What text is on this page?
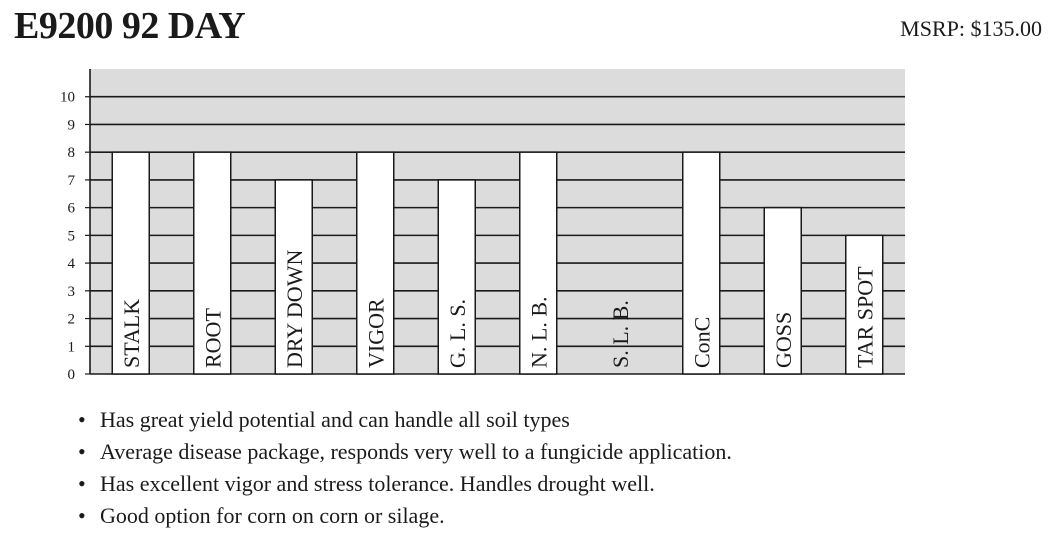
E9200 92 DAY	MSRP: $135.00
0
1
2
3
4
5
6
7
8
9
10
STALK	ROOT	DRY DOWN	VIGOR	G. L. S.	N. L. B.	S. L. B.	ConC	GOSS	TAR SPOT
• Has great yield potential and can handle all soil types
• Average disease package, responds very well to a fungicide application.
• Has excellent vigor and stress tolerance. Handles drought well.
• Good option for corn on corn or silage.
